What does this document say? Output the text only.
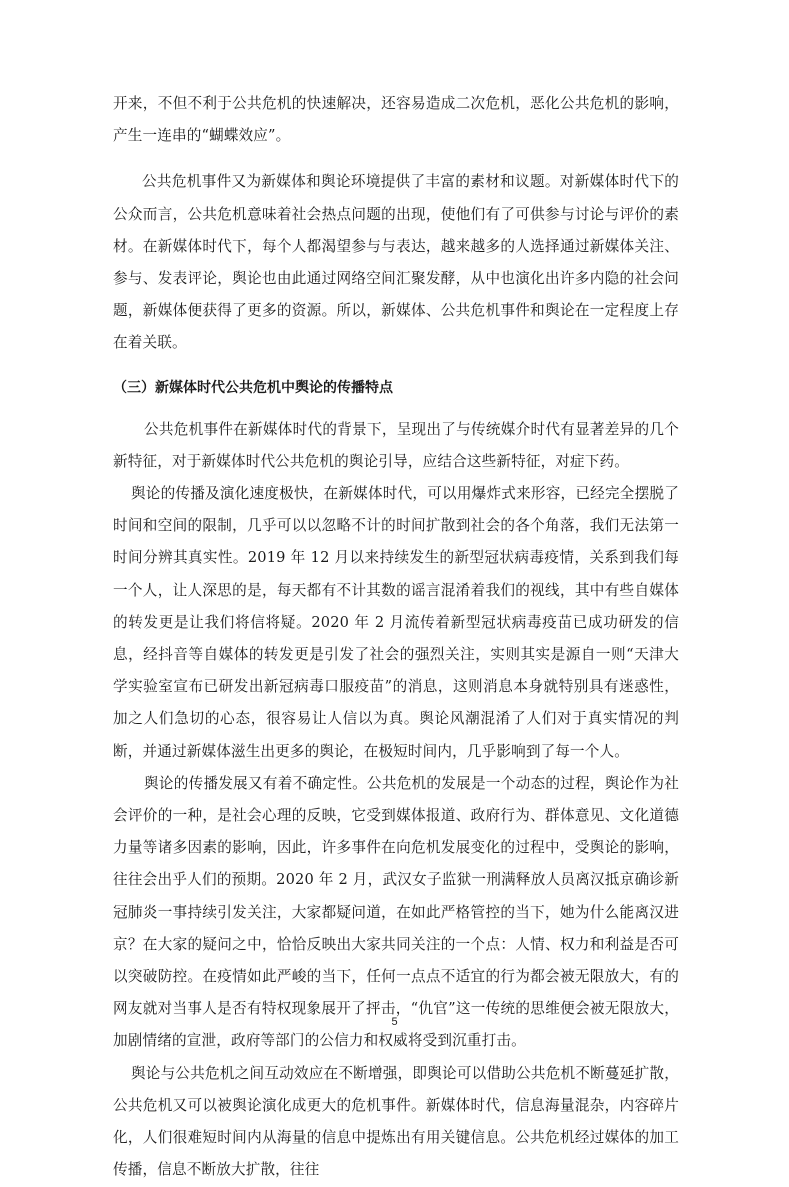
开来，不但不利于公共危机的快速解决，还容易造成二次危机，恶化公共危机的影响，产生一连串的“蝴蝶效应”。

公共危机事件又为新媒体和舆论环境提供了丰富的素材和议题。对新媒体时代下的公众而言，公共危机意味着社会热点问题的出现，使他们有了可供参与讨论与评价的素材。在新媒体时代下，每个人都渴望参与与表达，越来越多的人选择通过新媒体关注、参与、发表评论，舆论也由此通过网络空间汇聚发酵，从中也演化出许多内隐的社会问题，新媒体便获得了更多的资源。所以，新媒体、公共危机事件和舆论在一定程度上存在着关联。

（三）新媒体时代公共危机中舆论的传播特点

公共危机事件在新媒体时代的背景下，呈现出了与传统媒介时代有显著差异的几个新特征，对于新媒体时代公共危机的舆论引导，应结合这些新特征，对症下药。

舆论的传播及演化速度极快，在新媒体时代，可以用爆炸式来形容，已经完全摆脱了时间和空间的限制，几乎可以以忽略不计的时间扩散到社会的各个角落，我们无法第一时间分辨其真实性。2019 年 12 月以来持续发生的新型冠状病毒疫情，关系到我们每一个人，让人深思的是，每天都有不计其数的谣言混淆着我们的视线，其中有些自媒体的转发更是让我们将信将疑。2020 年 2 月流传着新型冠状病毒疫苗已成功研发的信息，经抖音等自媒体的转发更是引发了社会的强烈关注，实则其实是源自一则“天津大学实验室宣布已研发出新冠病毒口服疫苗”的消息，这则消息本身就特别具有迷惑性，加之人们急切的心态，很容易让人信以为真。舆论风潮混淆了人们对于真实情况的判断，并通过新媒体滋生出更多的舆论，在极短时间内，几乎影响到了每一个人。

舆论的传播发展又有着不确定性。公共危机的发展是一个动态的过程，舆论作为社会评价的一种，是社会心理的反映，它受到媒体报道、政府行为、群体意见、文化道德力量等诸多因素的影响，因此，许多事件在向危机发展变化的过程中，受舆论的影响，往往会出乎人们的预期。2020 年 2 月，武汉女子监狱一刑满释放人员离汉抵京确诊新冠肺炎一事持续引发关注，大家都疑问道，在如此严格管控的当下，她为什么能离汉进京？在大家的疑问之中，恰恰反映出大家共同关注的一个点：人情、权力和利益是否可以突破防控。在疫情如此严峻的当下，任何一点点不适宜的行为都会被无限放大，有的网友就对当事人是否有特权现象展开了抨击，“仇官”这一传统的思维便会被无限放大，加剧情绪的宣泄，政府等部门的公信力和权威将受到沉重打击。

舆论与公共危机之间互动效应在不断增强，即舆论可以借助公共危机不断蔓延扩散，公共危机又可以被舆论演化成更大的危机事件。新媒体时代，信息海量混杂，内容碎片化，人们很难短时间内从海量的信息中提炼出有用关键信息。公共危机经过媒体的加工传播，信息不断放大扩散，往往

5
